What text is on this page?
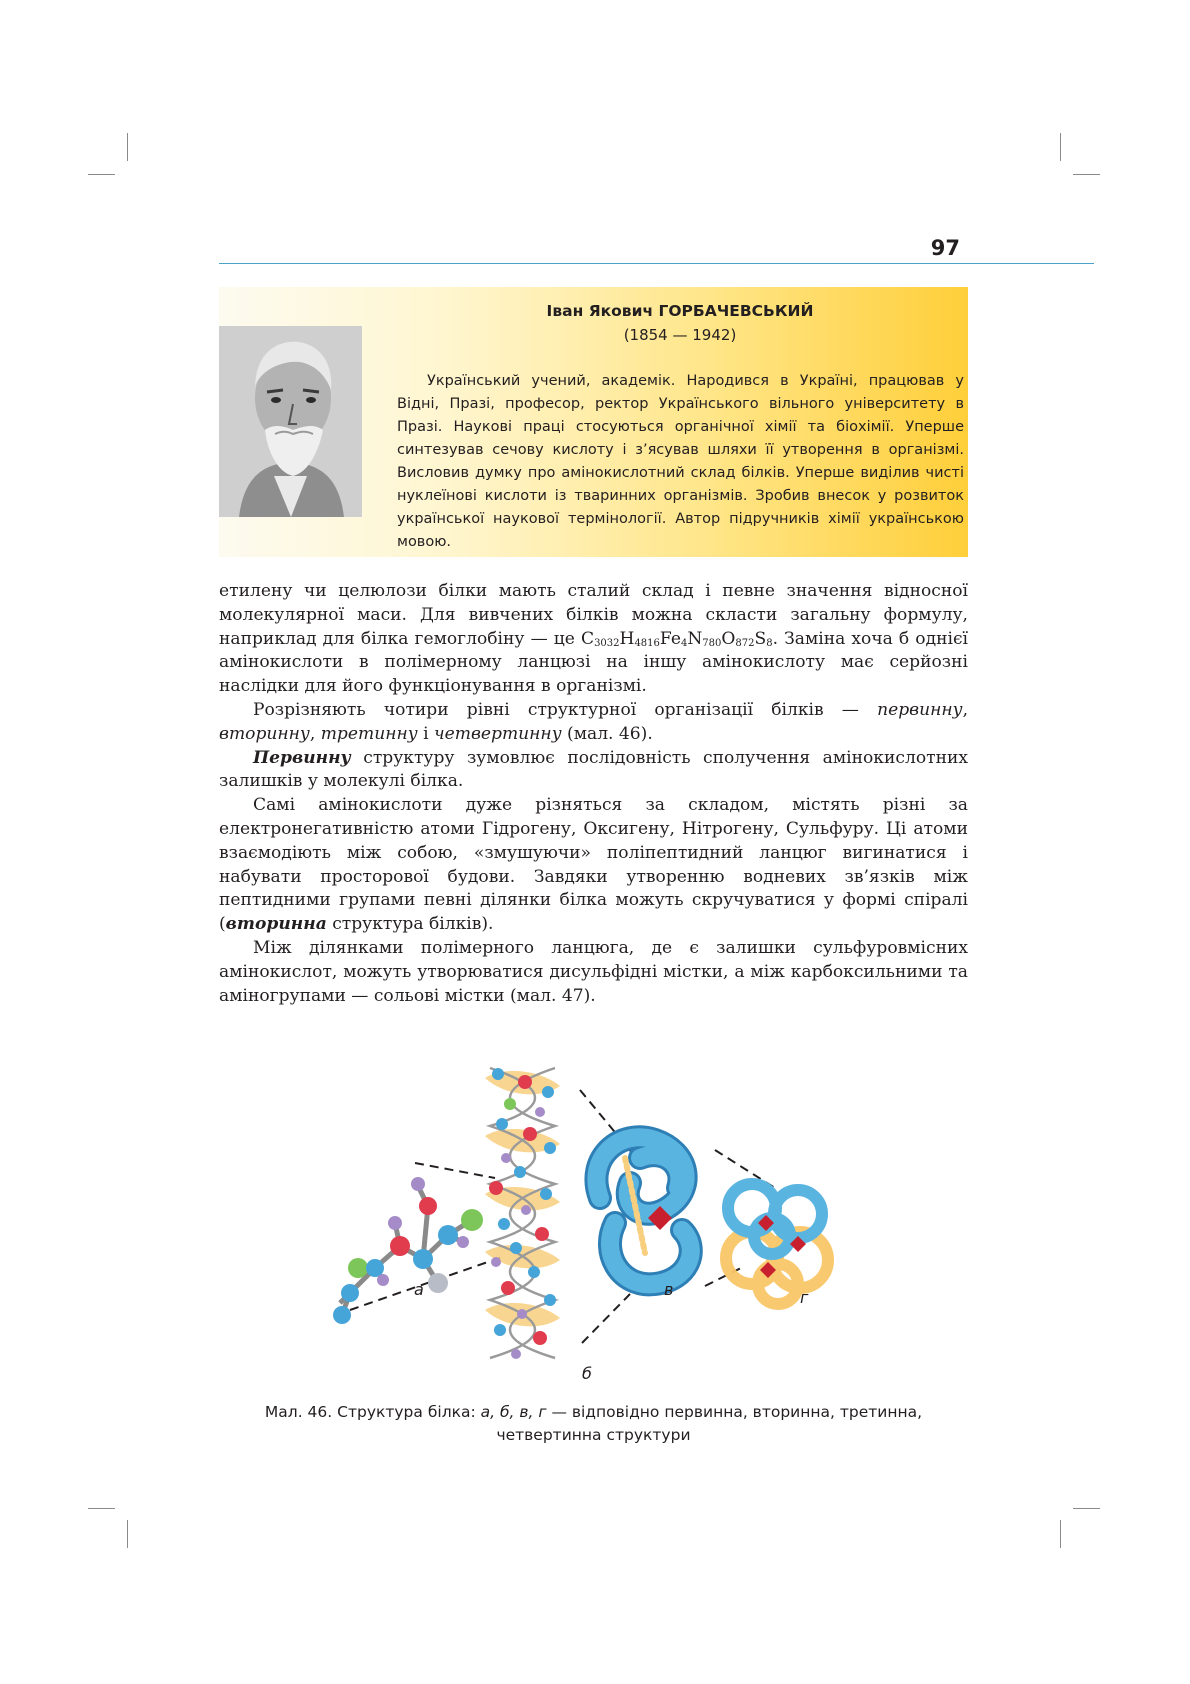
97
Іван Якович ГОРБАЧЕВСЬКИЙ
(1854 — 1942)

Український учений, академік. Народився в Україні, працював у Відні, Празі, професор, ректор Українського вільного університету в Празі. Наукові праці стосуються органічної хімії та біохімії. Уперше синтезував сечову кислоту і з’ясував шляхи її утворення в організмі. Висловив думку про амінокислотний склад білків. Уперше виділив чисті нуклеїнові кислоти із тваринних організмів. Зробив внесок у розвиток української наукової термінології. Автор підручників хімії українською мовою.

етилену чи целюлози білки мають сталий склад і певне значення відносної молекулярної маси. Для вивчених білків можна скласти загальну формулу, наприклад для білка гемоглобіну — це $C_{3032}H_{4816}Fe_4N_{780}O_{872}S_8$. Заміна хоча б однієї амінокислоти в полімерному ланцюзі на іншу амінокислоту має серйозні наслідки для його функціонування в організмі.

Розрізняють чотири рівні структурної організації білків — первинну, вторинну, третинну і четвертинну (мал. 46).

Первинну структуру зумовлює послідовність сполучення амінокислотних залишків у молекулі білка.

Самі амінокислоти дуже різняться за складом, містять різні за електронегативністю атоми Гідрогену, Оксигену, Нітрогену, Сульфуру. Ці атоми взаємодіють між собою, «змушуючи» поліпептидний ланцюг вигинатися і набувати просторової будови. Завдяки утворенню водневих зв’язків між пептидними групами певні ділянки білка можуть скручуватися у формі спіралі (вторинна структура білків).

Між ділянками полімерного ланцюга, де є залишки сульфуровмісних амінокислот, можуть утворюватися дисульфідні містки, а між карбоксильними та аміногрупами — сольові містки (мал. 47).

а
б
в	г
Мал. 46. Структура білка: а, б, в, г — відповідно первинна, вторинна, третинна,
четвертинна структури
